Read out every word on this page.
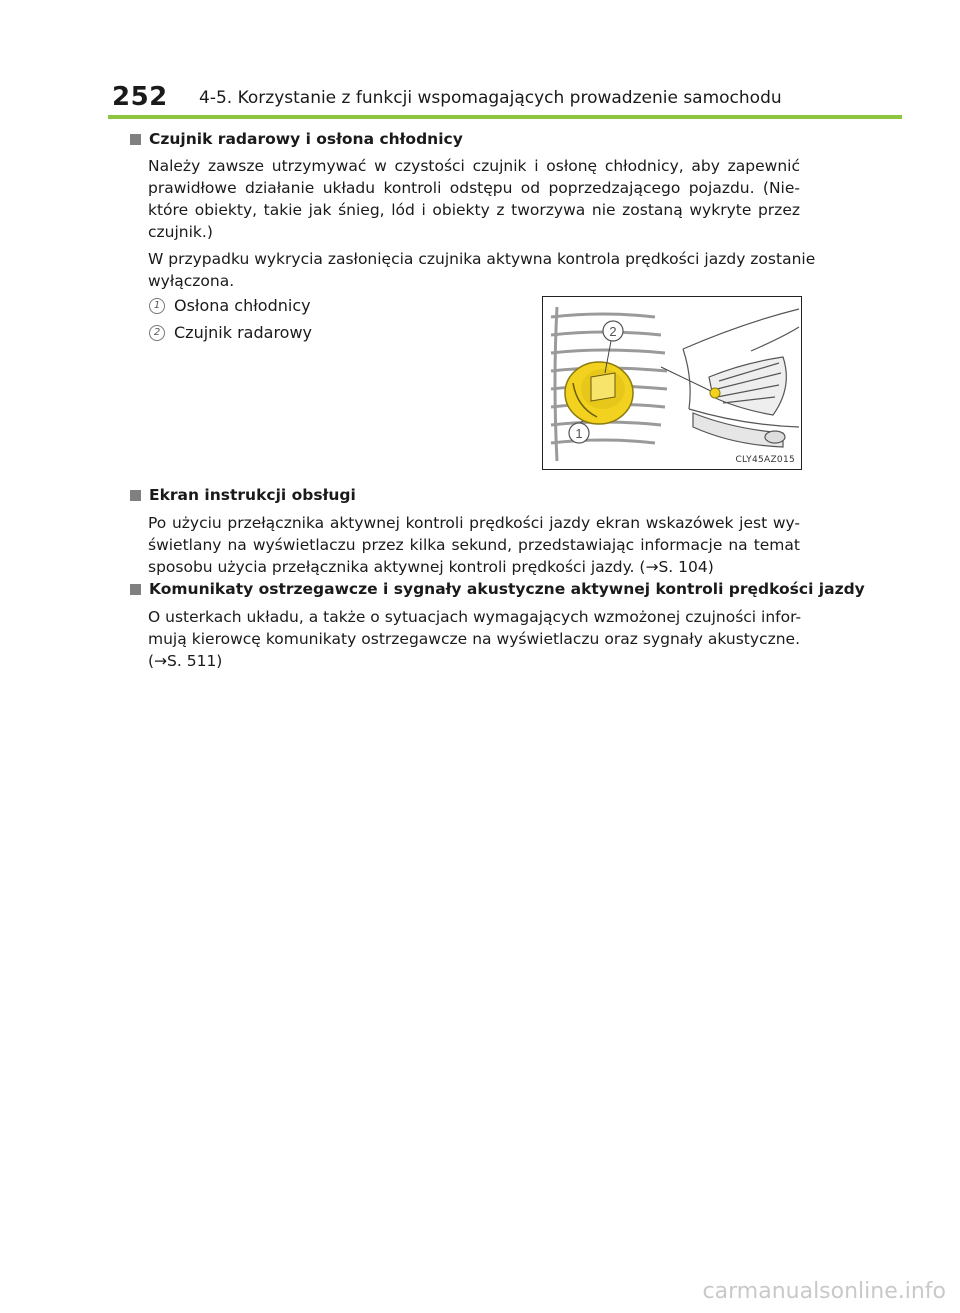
252 4-5. Korzystanie z funkcji wspomagających prowadzenie samochodu
Czujnik radarowy i osłona chłodnicy
Należy zawsze utrzymywać w czystości czujnik i osłonę chłodnicy, aby zapewnić
prawidłowe działanie układu kontroli odstępu od poprzedzającego pojazdu. (Nie-
które obiekty, takie jak śnieg, lód i obiekty z tworzywa nie zostaną wykryte przez
czujnik.)
W przypadku wykrycia zasłonięcia czujnika aktywna kontrola prędkości jazdy zostanie
wyłączona.
1 Osłona chłodnicy
2 Czujnik radarowy	2
1
CLY45AZ015
Ekran instrukcji obsługi
Po użyciu przełącznika aktywnej kontroli prędkości jazdy ekran wskazówek jest wy-
świetlany na wyświetlaczu przez kilka sekund, przedstawiając informacje na temat
sposobu użycia przełącznika aktywnej kontroli prędkości jazdy. (→S. 104)
Komunikaty ostrzegawcze i sygnały akustyczne aktywnej kontroli prędkości jazdy
O usterkach układu, a także o sytuacjach wymagających wzmożonej czujności infor-
mują kierowcę komunikaty ostrzegawcze na wyświetlaczu oraz sygnały akustyczne.
(→S. 511)
carmanualsonline.info
